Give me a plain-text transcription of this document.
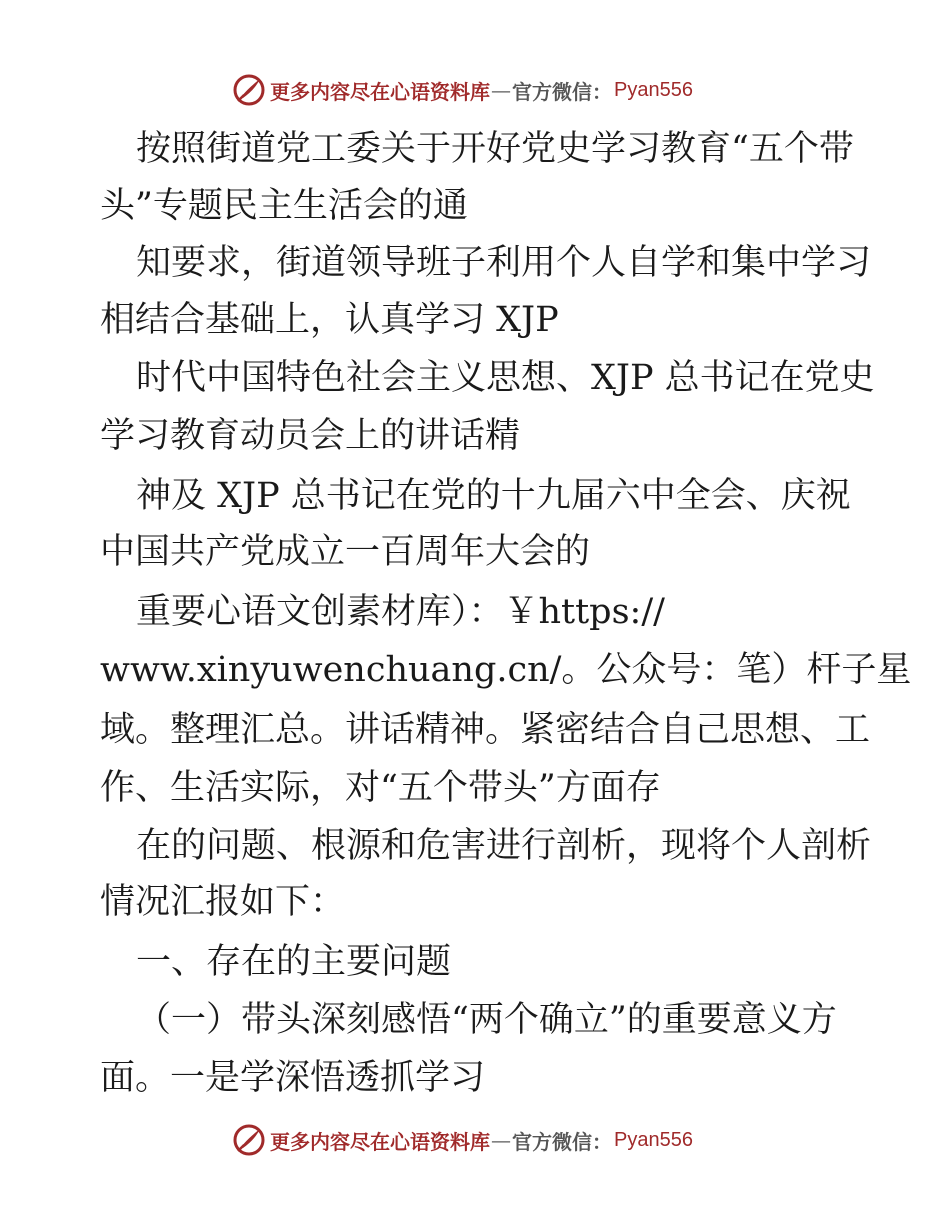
更多内容尽在心语资料库 — 官方微信： Pyan556
按照街道党工委关于开好党史学习教育“五个带
头”专题民主生活会的通
知要求，街道领导班子利用个人自学和集中学习
相结合基础上，认真学习 XJP
时代中国特色社会主义思想、XJP 总书记在党史
学习教育动员会上的讲话精
神及 XJP 总书记在党的十九届六中全会、庆祝
中国共产党成立一百周年大会的
重要心语文创素材库）：￥https://
www.xinyuwenchuang.cn/。公众号：笔）杆子星
域。整理汇总。讲话精神。紧密结合自己思想、工
作、生活实际，对“五个带头”方面存
在的问题、根源和危害进行剖析，现将个人剖析
情况汇报如下：
一、存在的主要问题
（一）带头深刻感悟“两个确立”的重要意义方
面。一是学深悟透抓学习
更多内容尽在心语资料库 — 官方微信： Pyan556
